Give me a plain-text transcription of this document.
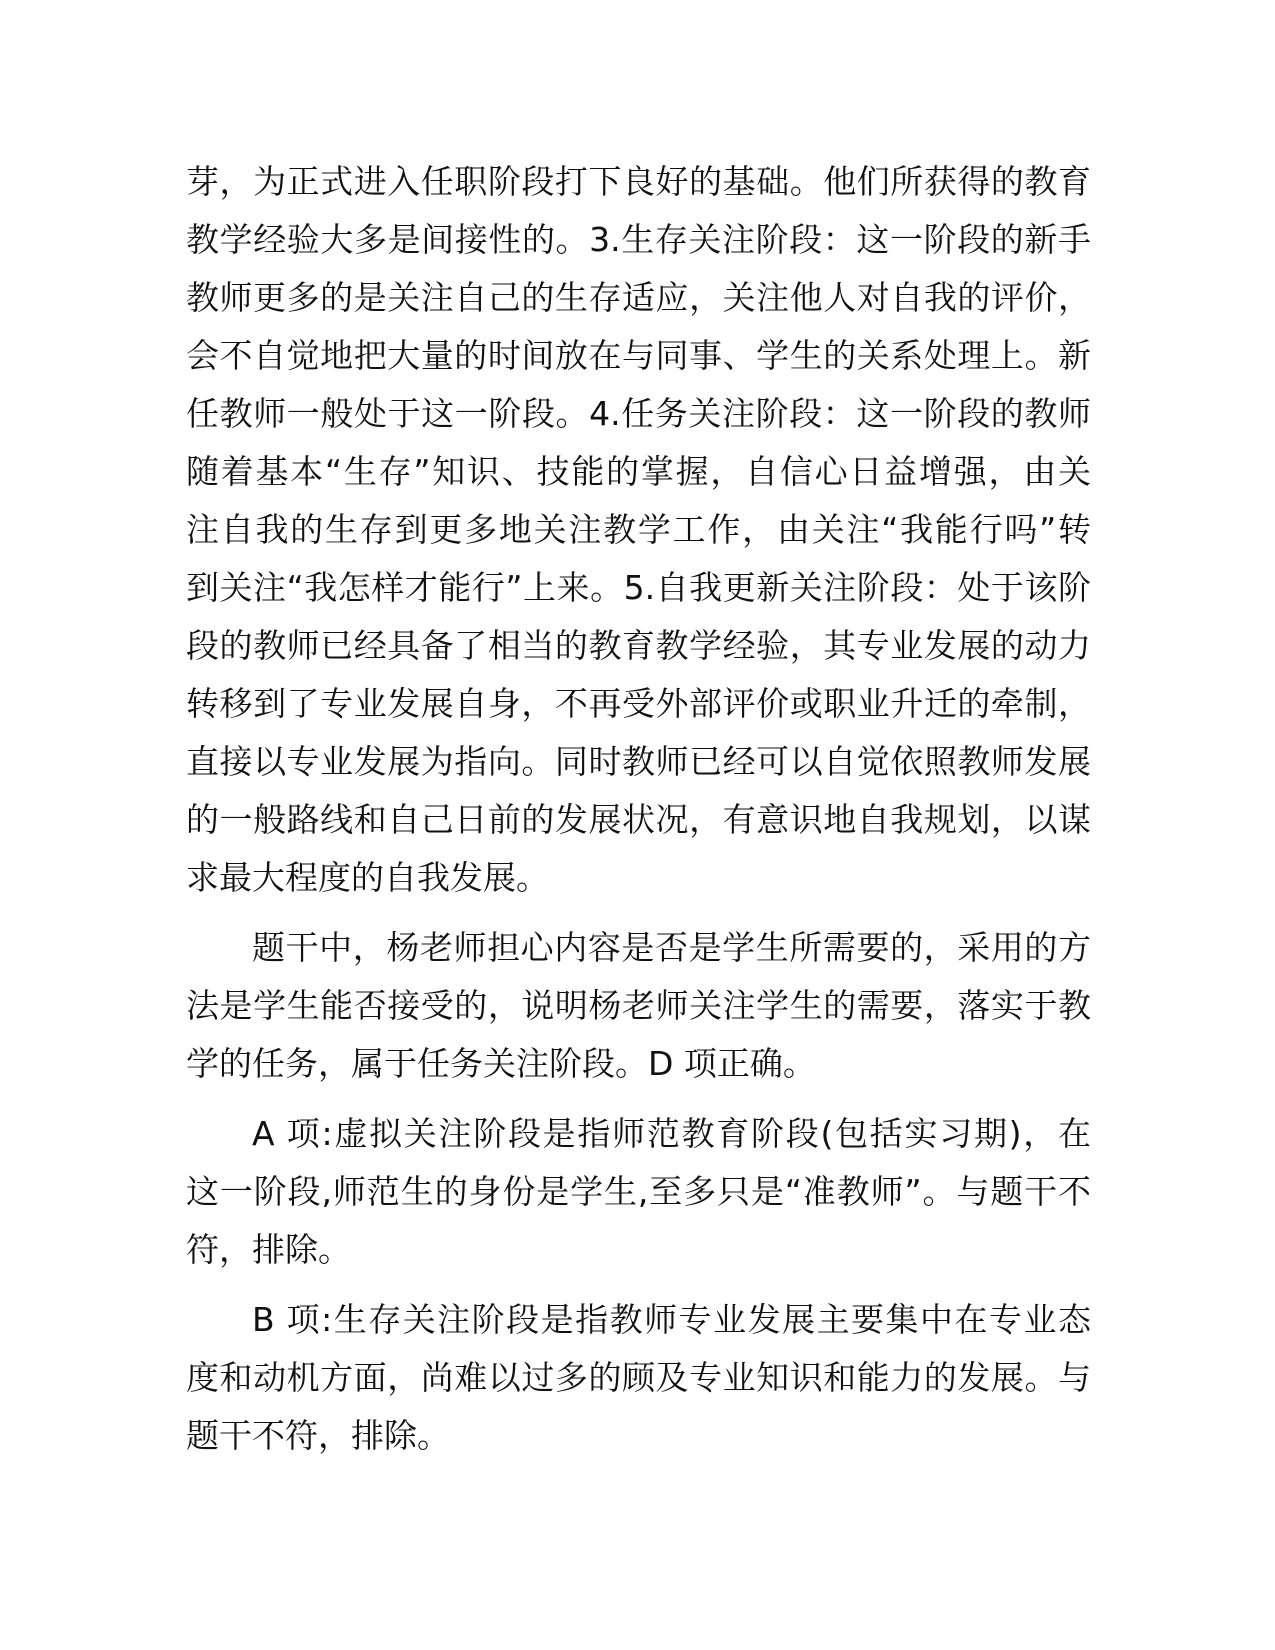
芽，为正式进入任职阶段打下良好的基础。他们所获得的教育
教学经验大多是间接性的。3.生存关注阶段：这一阶段的新手
教师更多的是关注自己的生存适应，关注他人对自我的评价，
会不自觉地把大量的时间放在与同事、学生的关系处理上。新
任教师一般处于这一阶段。4.任务关注阶段：这一阶段的教师
随着基本“生存”知识、技能的掌握，自信心日益增强，由关
注自我的生存到更多地关注教学工作，由关注“我能行吗”转
到关注“我怎样才能行”上来。5.自我更新关注阶段：处于该阶
段的教师已经具备了相当的教育教学经验，其专业发展的动力
转移到了专业发展自身，不再受外部评价或职业升迁的牵制，
直接以专业发展为指向。同时教师已经可以自觉依照教师发展
的一般路线和自己日前的发展状况，有意识地自我规划，以谋
求最大程度的自我发展。
题干中，杨老师担心内容是否是学生所需要的，采用的方
法是学生能否接受的，说明杨老师关注学生的需要，落实于教
学的任务，属于任务关注阶段。D 项正确。
A 项:虚拟关注阶段是指师范教育阶段(包括实习期)，在
这一阶段,师范生的身份是学生,至多只是“准教师”。与题干不
符，排除。
B 项:生存关注阶段是指教师专业发展主要集中在专业态
度和动机方面，尚难以过多的顾及专业知识和能力的发展。与
题干不符，排除。
